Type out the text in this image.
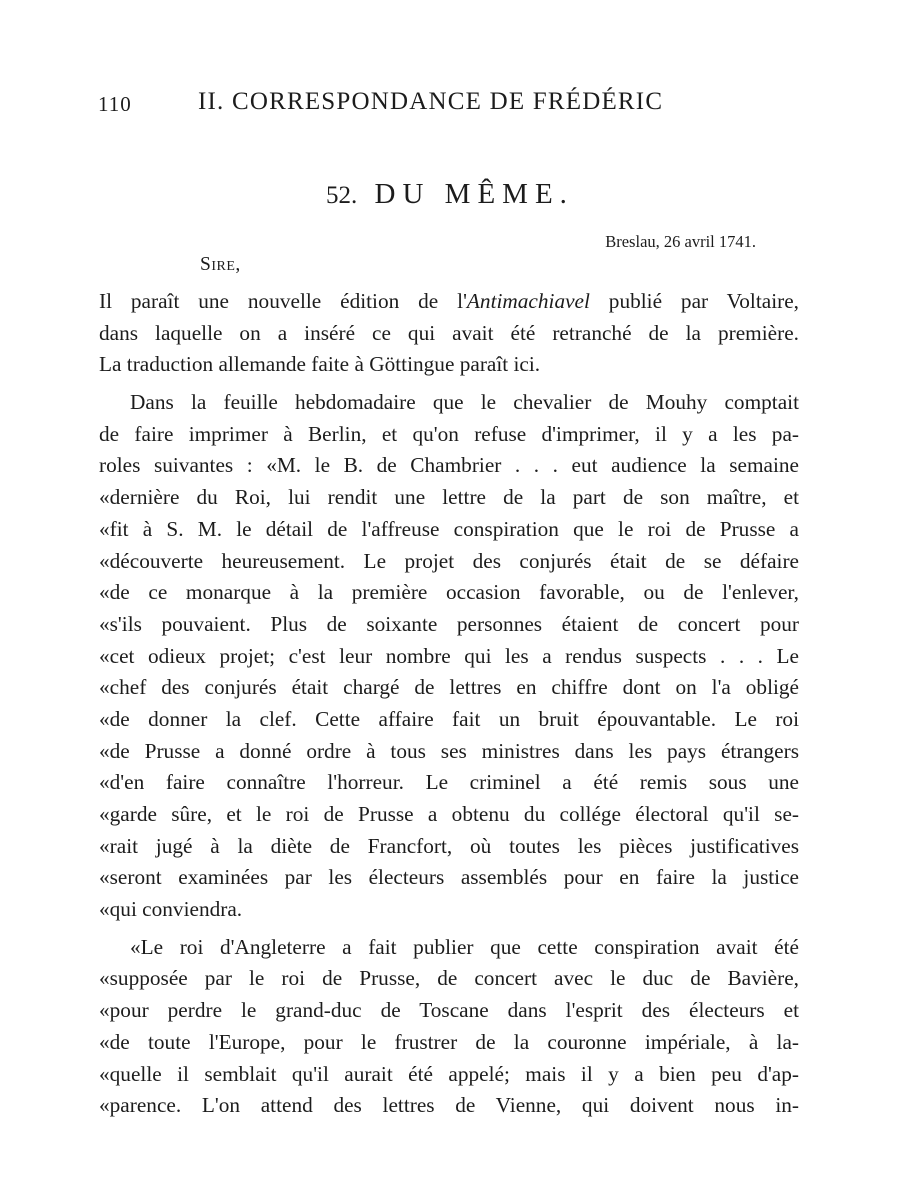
110	II. CORRESPONDANCE DE FRÉDÉRIC
52. DU MÊME.
Breslau, 26 avril 1741.
Sire,
Il paraît une nouvelle édition de l'Antimachiavel publié par Voltaire,
dans laquelle on a inséré ce qui avait été retranché de la première.
La traduction allemande faite à Göttingue paraît ici.
Dans la feuille hebdomadaire que le chevalier de Mouhy comptait
de faire imprimer à Berlin, et qu'on refuse d'imprimer, il y a les pa-
roles suivantes : «M. le B. de Chambrier . . . eut audience la semaine
«dernière du Roi, lui rendit une lettre de la part de son maître, et
«fit à S. M. le détail de l'affreuse conspiration que le roi de Prusse a
«découverte heureusement. Le projet des conjurés était de se défaire
«de ce monarque à la première occasion favorable, ou de l'enlever,
«s'ils pouvaient. Plus de soixante personnes étaient de concert pour
«cet odieux projet; c'est leur nombre qui les a rendus suspects . . . Le
«chef des conjurés était chargé de lettres en chiffre dont on l'a obligé
«de donner la clef. Cette affaire fait un bruit épouvantable. Le roi
«de Prusse a donné ordre à tous ses ministres dans les pays étrangers
«d'en faire connaître l'horreur. Le criminel a été remis sous une
«garde sûre, et le roi de Prusse a obtenu du collége électoral qu'il se-
«rait jugé à la diète de Francfort, où toutes les pièces justificatives
«seront examinées par les électeurs assemblés pour en faire la justice
«qui conviendra.
«Le roi d'Angleterre a fait publier que cette conspiration avait été
«supposée par le roi de Prusse, de concert avec le duc de Bavière,
«pour perdre le grand-duc de Toscane dans l'esprit des électeurs et
«de toute l'Europe, pour le frustrer de la couronne impériale, à la-
«quelle il semblait qu'il aurait été appelé; mais il y a bien peu d'ap-
«parence. L'on attend des lettres de Vienne, qui doivent nous in-
